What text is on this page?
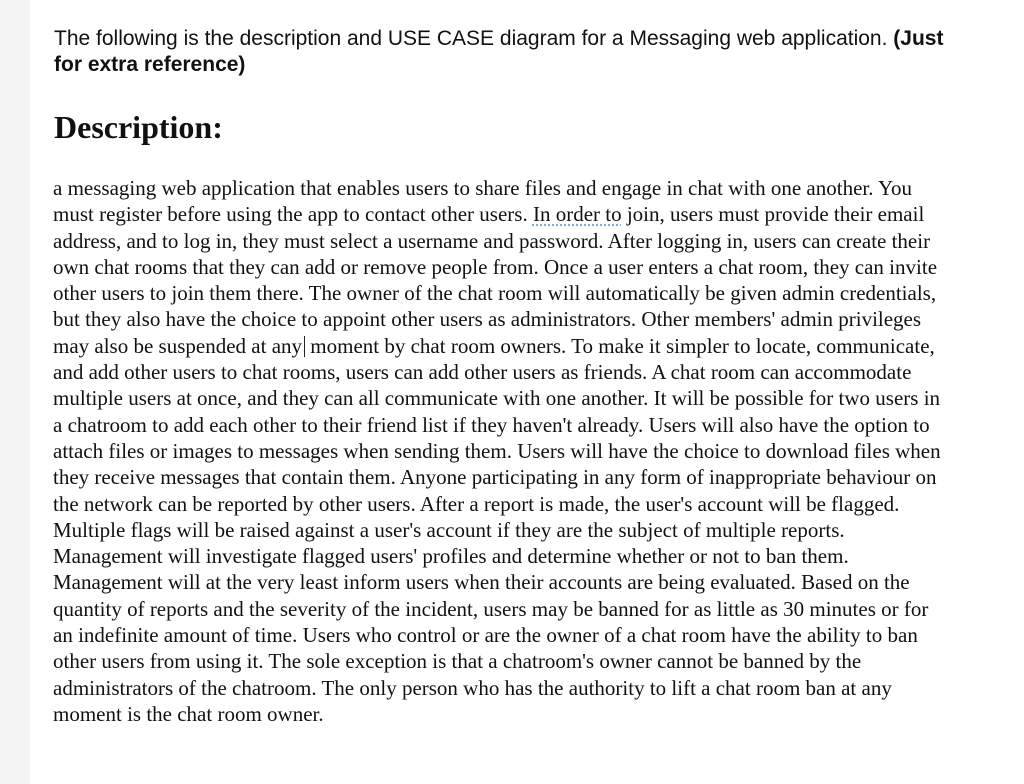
The following is the description and USE CASE diagram for a Messaging web application. (Just for extra reference)

Description:

a messaging web application that enables users to share files and engage in chat with one another. You must register before using the app to contact other users. In order to join, users must provide their email address, and to log in, they must select a username and password. After logging in, users can create their own chat rooms that they can add or remove people from. Once a user enters a chat room, they can invite other users to join them there. The owner of the chat room will automatically be given admin credentials, but they also have the choice to appoint other users as administrators. Other members' admin privileges may also be suspended at any moment by chat room owners. To make it simpler to locate, communicate, and add other users to chat rooms, users can add other users as friends. A chat room can accommodate multiple users at once, and they can all communicate with one another. It will be possible for two users in a chatroom to add each other to their friend list if they haven't already. Users will also have the option to attach files or images to messages when sending them. Users will have the choice to download files when they receive messages that contain them. Anyone participating in any form of inappropriate behaviour on the network can be reported by other users. After a report is made, the user's account will be flagged. Multiple flags will be raised against a user's account if they are the subject of multiple reports. Management will investigate flagged users' profiles and determine whether or not to ban them. Management will at the very least inform users when their accounts are being evaluated. Based on the quantity of reports and the severity of the incident, users may be banned for as little as 30 minutes or for an indefinite amount of time. Users who control or are the owner of a chat room have the ability to ban other users from using it. The sole exception is that a chatroom's owner cannot be banned by the administrators of the chatroom. The only person who has the authority to lift a chat room ban at any moment is the chat room owner.
